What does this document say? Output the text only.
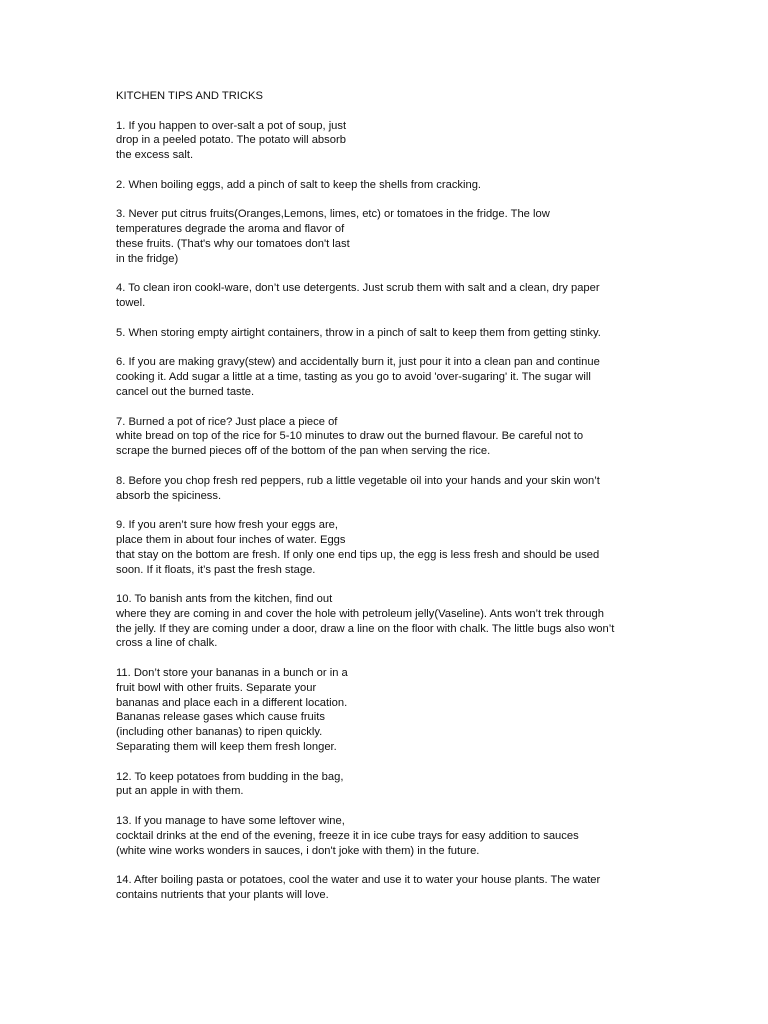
KITCHEN TIPS AND TRICKS
1. If you happen to over-salt a pot of soup, just
drop in a peeled potato. The potato will absorb
the excess salt.
2. When boiling eggs, add a pinch of salt to keep the shells from cracking.
3. Never put citrus fruits(Oranges,Lemons, limes, etc) or tomatoes in the fridge. The low
temperatures degrade the aroma and flavor of
these fruits. (That's why our tomatoes don't last
in the fridge)
4. To clean iron cookl-ware, don’t use detergents. Just scrub them with salt and a clean, dry paper
towel.
5. When storing empty airtight containers, throw in a pinch of salt to keep them from getting stinky.
6. If you are making gravy(stew) and accidentally burn it, just pour it into a clean pan and continue
cooking it. Add sugar a little at a time, tasting as you go to avoid 'over-sugaring' it. The sugar will
cancel out the burned taste.
7. Burned a pot of rice? Just place a piece of
white bread on top of the rice for 5-10 minutes to draw out the burned flavour. Be careful not to
scrape the burned pieces off of the bottom of the pan when serving the rice.
8. Before you chop fresh red peppers, rub a little vegetable oil into your hands and your skin won’t
absorb the spiciness.
9. If you aren’t sure how fresh your eggs are,
place them in about four inches of water. Eggs
that stay on the bottom are fresh. If only one end tips up, the egg is less fresh and should be used
soon. If it floats, it’s past the fresh stage.
10. To banish ants from the kitchen, find out
where they are coming in and cover the hole with petroleum jelly(Vaseline). Ants won’t trek through
the jelly. If they are coming under a door, draw a line on the floor with chalk. The little bugs also won’t
cross a line of chalk.
11. Don’t store your bananas in a bunch or in a
fruit bowl with other fruits. Separate your
bananas and place each in a different location.
Bananas release gases which cause fruits
(including other bananas) to ripen quickly.
Separating them will keep them fresh longer.
12. To keep potatoes from budding in the bag,
put an apple in with them.
13. If you manage to have some leftover wine,
cocktail drinks at the end of the evening, freeze it in ice cube trays for easy addition to sauces
(white wine works wonders in sauces, i don't joke with them) in the future.
14. After boiling pasta or potatoes, cool the water and use it to water your house plants. The water
contains nutrients that your plants will love.
